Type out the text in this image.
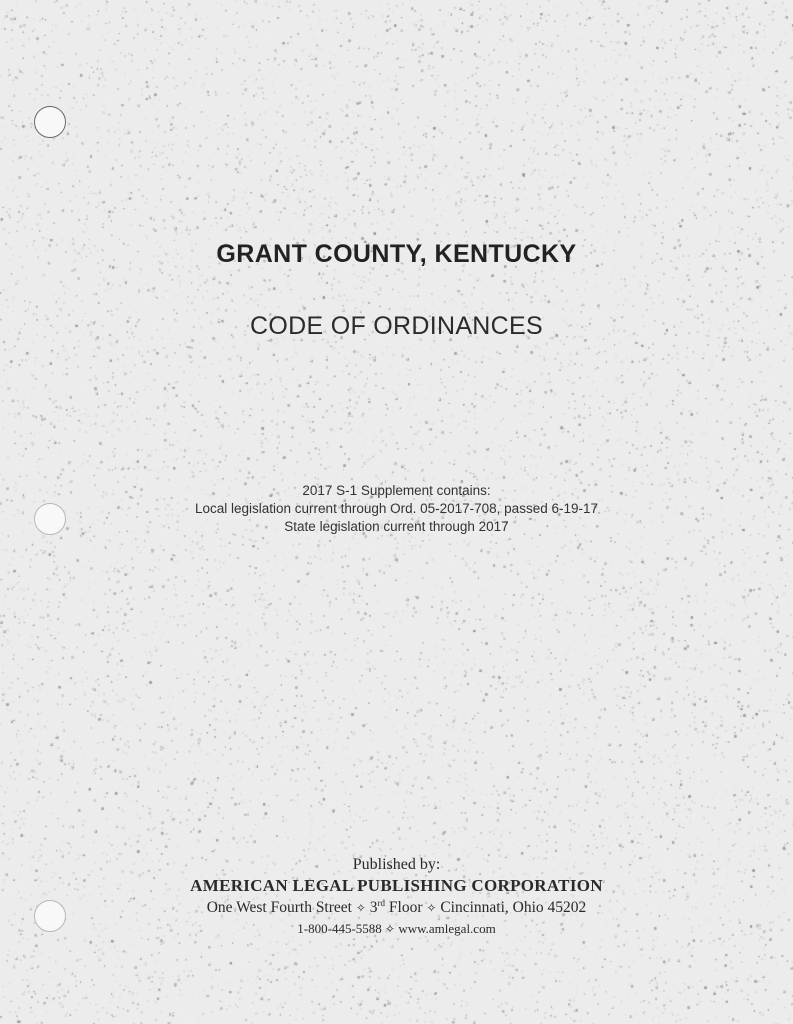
GRANT COUNTY, KENTUCKY
CODE OF ORDINANCES
2017 S-1 Supplement contains:
Local legislation current through Ord. 05-2017-708, passed 6-19-17
State legislation current through 2017
Published by:
AMERICAN LEGAL PUBLISHING CORPORATION
One West Fourth Street ✧ 3rd Floor ✧ Cincinnati, Ohio 45202
1-800-445-5588 ✧ www.amlegal.com
